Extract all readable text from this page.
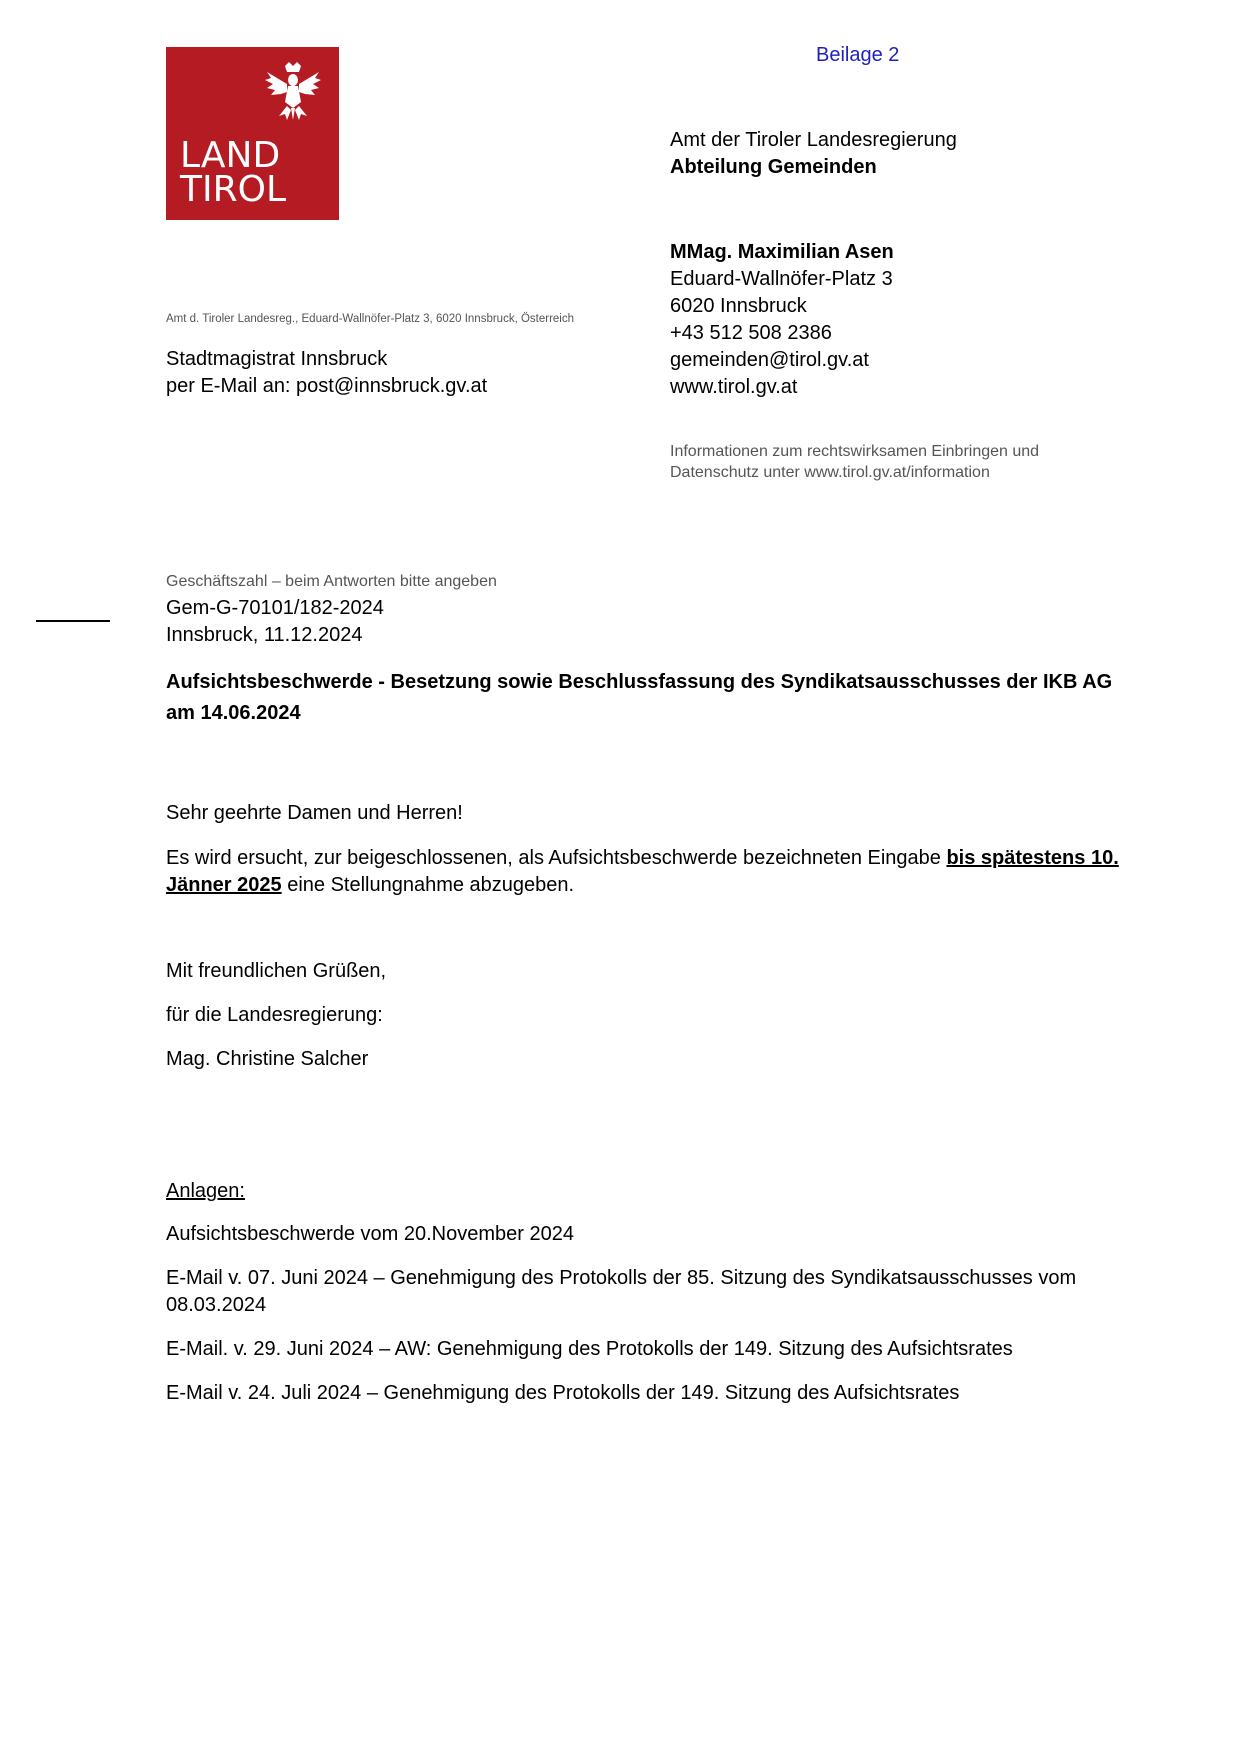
Beilage 2
LAND
TIROL
Amt der Tiroler Landesregierung
Abteilung Gemeinden
MMag. Maximilian Asen
Eduard-Wallnöfer-Platz 3
6020 Innsbruck
+43 512 508 2386
gemeinden@tirol.gv.at
www.tirol.gv.at
Informationen zum rechtswirksamen Einbringen und
Datenschutz unter www.tirol.gv.at/information
Amt d. Tiroler Landesreg., Eduard-Wallnöfer-Platz 3, 6020 Innsbruck, Österreich
Stadtmagistrat Innsbruck
per E-Mail an: post@innsbruck.gv.at
Geschäftszahl – beim Antworten bitte angeben
Gem-G-70101/182-2024
Innsbruck, 11.12.2024
Aufsichtsbeschwerde - Besetzung sowie Beschlussfassung des Syndikatsausschusses der IKB AG am 14.06.2024
Sehr geehrte Damen und Herren!
Es wird ersucht, zur beigeschlossenen, als Aufsichtsbeschwerde bezeichneten Eingabe bis spätestens 10. Jänner 2025 eine Stellungnahme abzugeben.
Mit freundlichen Grüßen,
für die Landesregierung:
Mag. Christine Salcher
Anlagen:
Aufsichtsbeschwerde vom 20.November 2024
E-Mail v. 07. Juni 2024 – Genehmigung des Protokolls der 85. Sitzung des Syndikatsausschusses vom 08.03.2024
E-Mail. v. 29. Juni 2024 – AW: Genehmigung des Protokolls der 149. Sitzung des Aufsichtsrates
E-Mail v. 24. Juli 2024 – Genehmigung des Protokolls der 149. Sitzung des Aufsichtsrates
